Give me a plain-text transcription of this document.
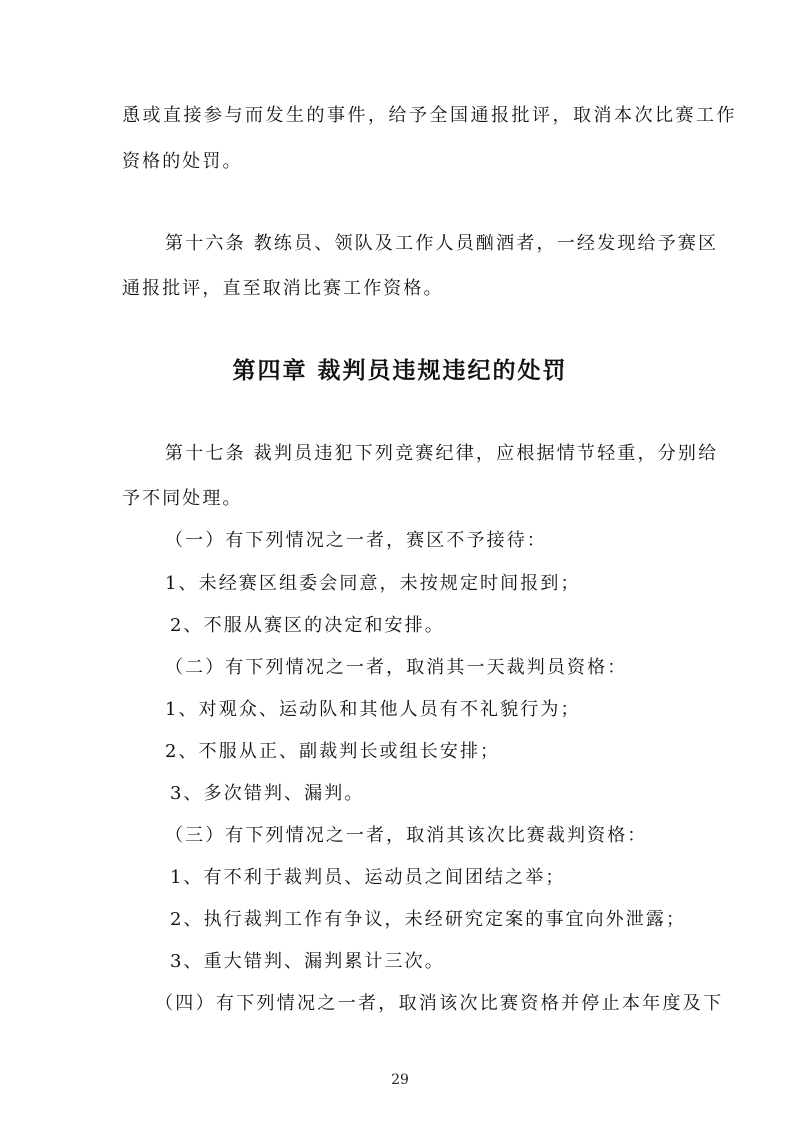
恿或直接参与而发生的事件，给予全国通报批评，取消本次比赛工作
资格的处罚。
第十六条 教练员、领队及工作人员酗酒者，一经发现给予赛区
通报批评，直至取消比赛工作资格。
第四章 裁判员违规违纪的处罚
第十七条 裁判员违犯下列竞赛纪律，应根据情节轻重，分别给
予不同处理。
（一）有下列情况之一者，赛区不予接待：
1、未经赛区组委会同意，未按规定时间报到；
2、不服从赛区的决定和安排。
（二）有下列情况之一者，取消其一天裁判员资格：
1、对观众、运动队和其他人员有不礼貌行为；
2、不服从正、副裁判长或组长安排；
3、多次错判、漏判。
（三）有下列情况之一者，取消其该次比赛裁判资格：
1、有不利于裁判员、运动员之间团结之举；
2、执行裁判工作有争议，未经研究定案的事宜向外泄露；
3、重大错判、漏判累计三次。
（四）有下列情况之一者，取消该次比赛资格并停止本年度及下
29
